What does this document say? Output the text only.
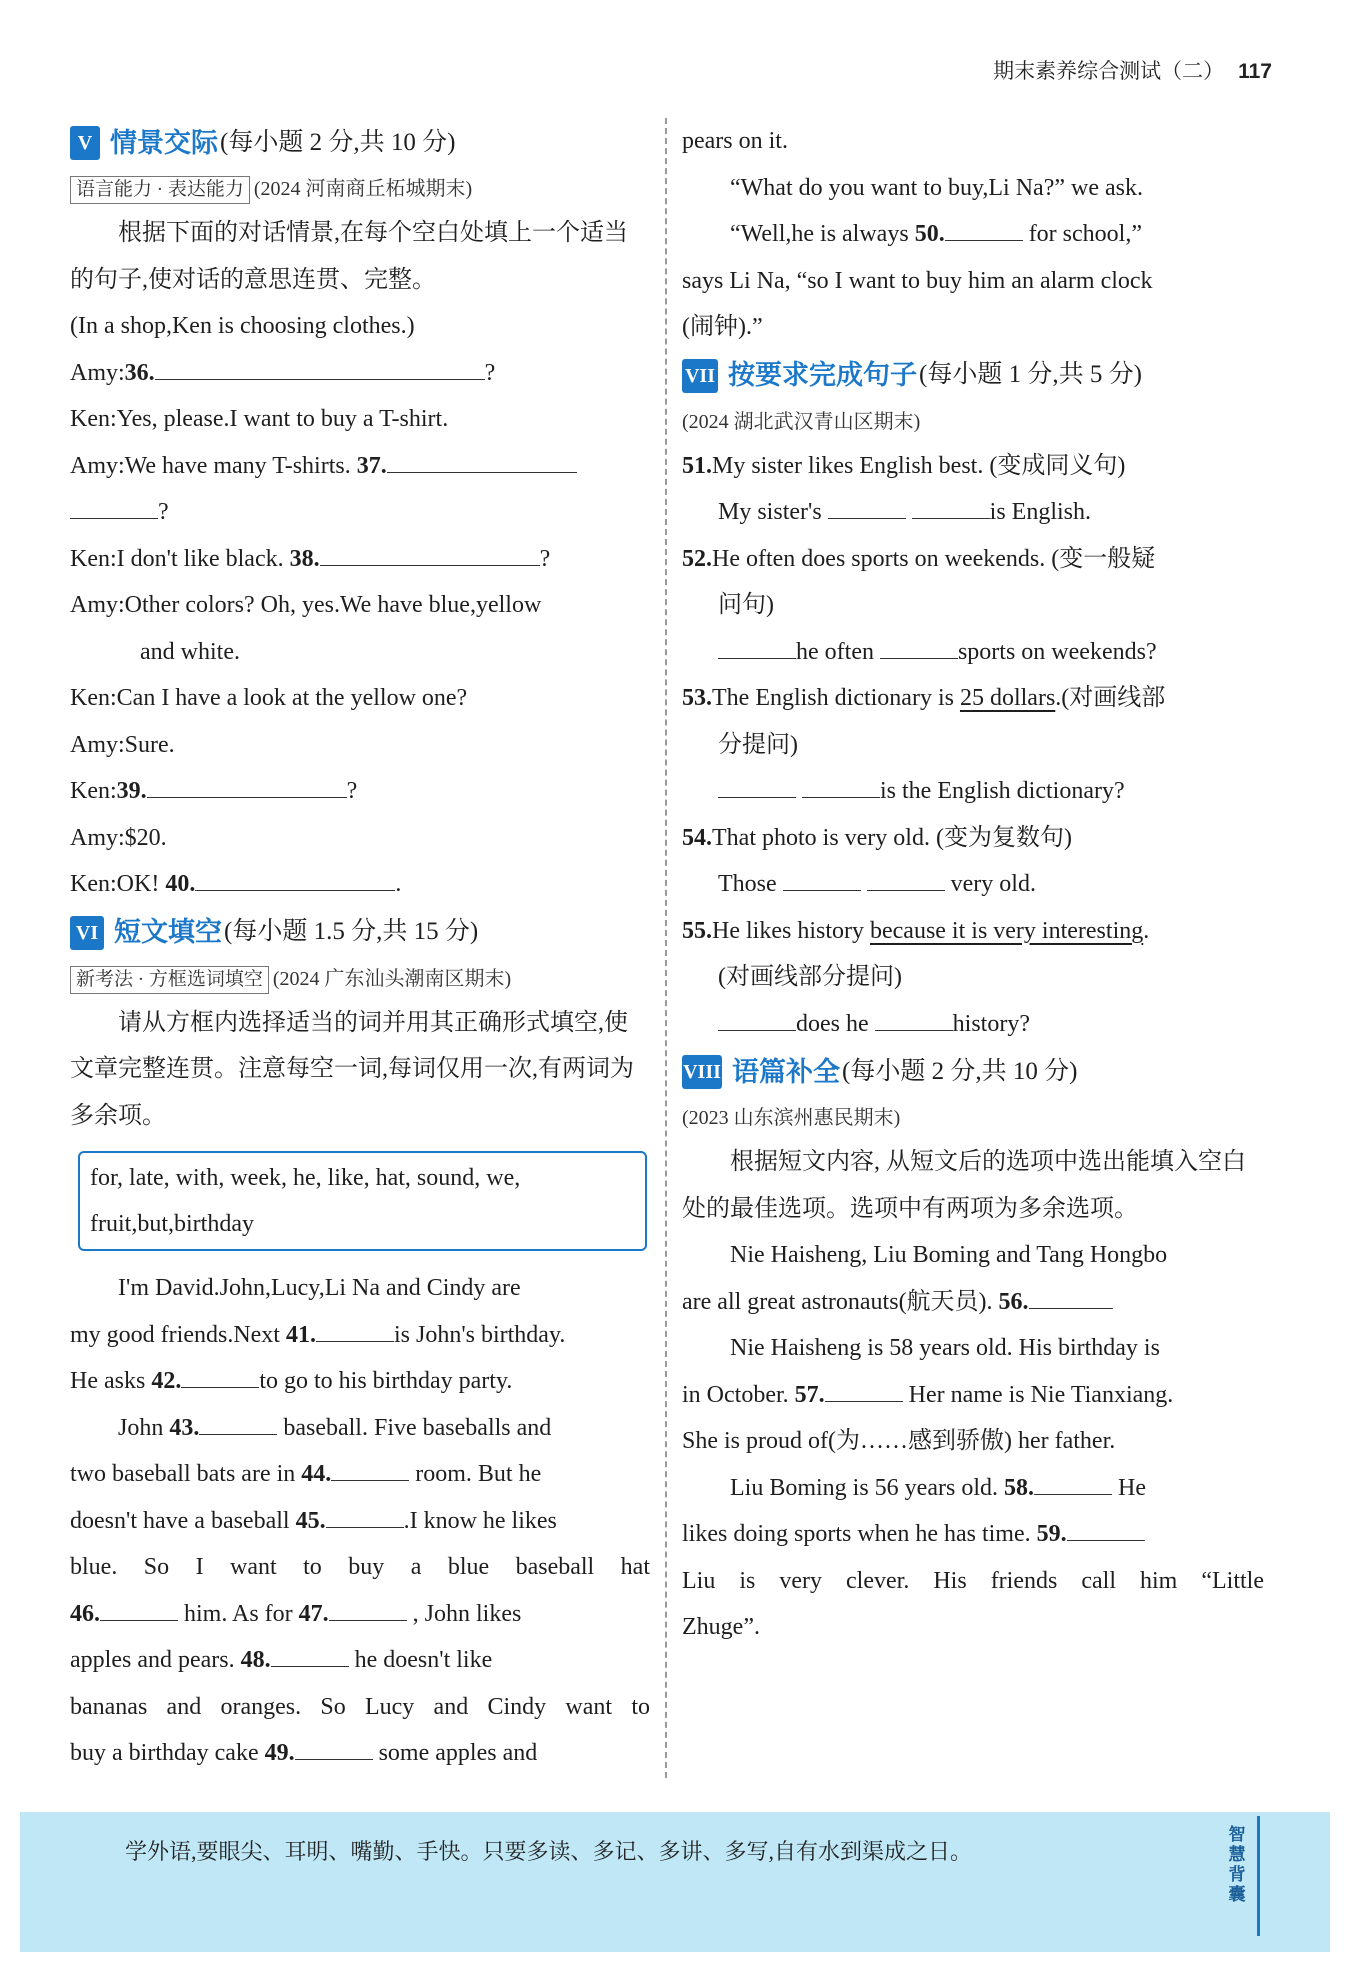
期末素养综合测试（二） 117
V 情景交际 (每小题 2 分,共 10 分)

语言能力 · 表达能力 (2024 河南商丘柘城期末)

根据下面的对话情景,在每个空白处填上一个适当的句子,使对话的意思连贯、完整。

(In a shop,Ken is choosing clothes.)

Amy:36.	?

Ken:Yes, please.I want to buy a T-shirt.

Amy:We have many T-shirts. 37.

?

Ken:I don't like black. 38.	?

Amy:Other colors? Oh, yes.We have blue,yellow

and white.

Ken:Can I have a look at the yellow one?

Amy:Sure.

Ken:39.	?

Amy:$20.

Ken:OK! 40.	.

VI 短文填空 (每小题 1.5 分,共 15 分)

新考法 · 方框选词填空 (2024 广东汕头潮南区期末)

请从方框内选择适当的词并用其正确形式填空,使文章完整连贯。注意每空一词,每词仅用一次,有两词为多余项。

for, late, with, week, he, like, hat, sound, we,
fruit,but,birthday

I'm David.John,Lucy,Li Na and Cindy are

my good friends.Next 41.	is John's birthday.

He asks 42.	to go to his birthday party.

John 43.	baseball. Five baseballs and

two baseball bats are in 44.	room. But he

doesn't have a baseball 45.	.I know he likes

blue. So I want to buy a blue baseball hat

46.	him. As for 47.	, John likes

apples and pears. 48.	he doesn't like

bananas and oranges. So Lucy and Cindy want to

buy a birthday cake 49.	some apples and

pears on it.

“What do you want to buy,Li Na?” we ask.

“Well,he is always 50.	for school,”

says Li Na, “so I want to buy him an alarm clock

(闹钟).”

VII 按要求完成句子 (每小题 1 分,共 5 分)

(2024 湖北武汉青山区期末)

51.My sister likes English best. (变成同义句)

My sister's	is English.

52.He often does sports on weekends. (变一般疑

问句)

he often	sports on weekends?

53.The English dictionary is 25 dollars.(对画线部

分提问)

is the English dictionary?

54.That photo is very old. (变为复数句)

Those	very old.

55.He likes history because it is very interesting.

(对画线部分提问)

does he	history?

VIII 语篇补全 (每小题 2 分,共 10 分)

(2023 山东滨州惠民期末)

根据短文内容, 从短文后的选项中选出能填入空白处的最佳选项。选项中有两项为多余选项。

Nie Haisheng, Liu Boming and Tang Hongbo

are all great astronauts(航天员). 56.

Nie Haisheng is 58 years old. His birthday is

in October. 57.	Her name is Nie Tianxiang.

She is proud of(为……感到骄傲) her father.

Liu Boming is 56 years old. 58.	He

likes doing sports when he has time. 59.

Liu is very clever. His friends call him “Little

Zhuge”.

学外语,要眼尖、耳明、嘴勤、手快。只要多读、多记、多讲、多写,自有水到渠成之日。
智慧背囊
